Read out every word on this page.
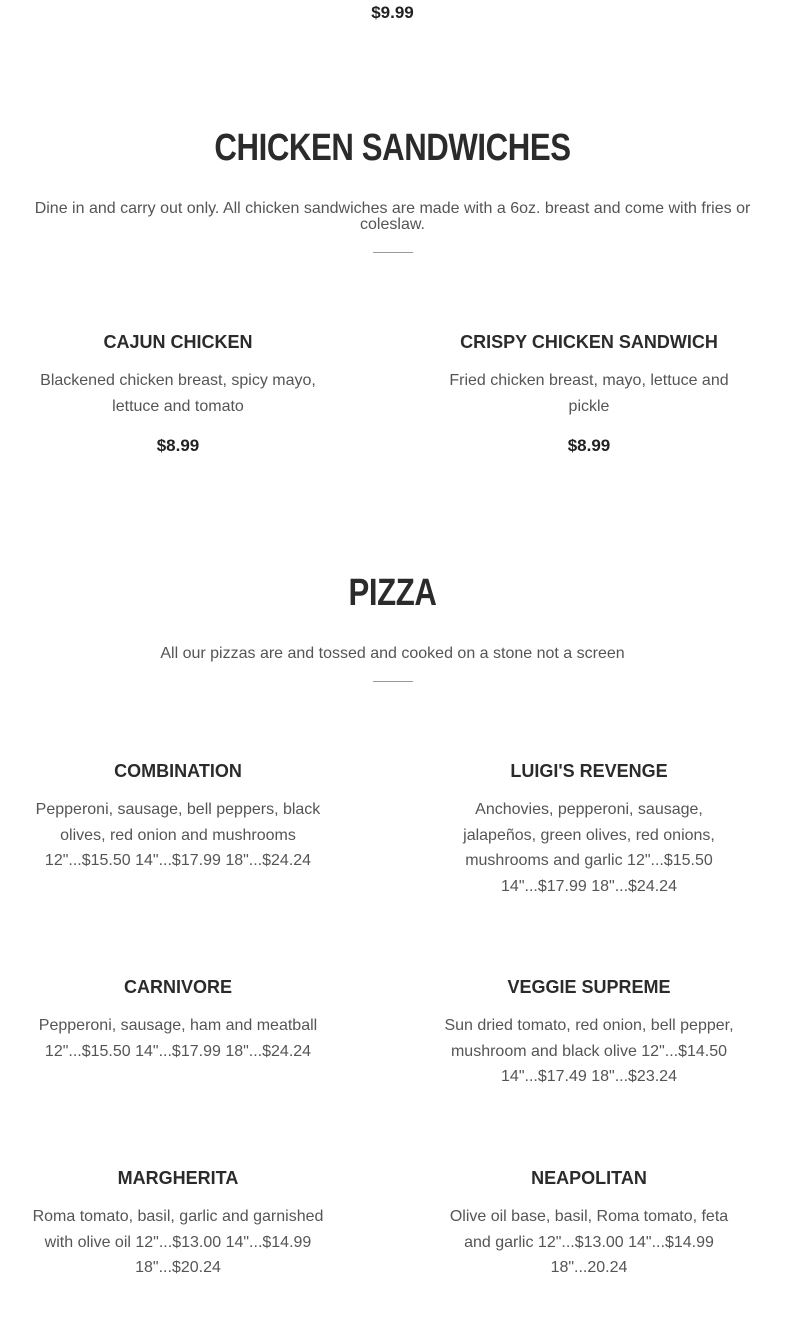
$9.99
CHICKEN SANDWICHES

Dine in and carry out only. All chicken sandwiches are made with a 6oz. breast and come with fries or coleslaw.

CAJUN CHICKEN

Blackened chicken breast, spicy mayo, lettuce and tomato

$8.99

CRISPY CHICKEN SANDWICH

Fried chicken breast, mayo, lettuce and pickle

$8.99

PIZZA

All our pizzas are and tossed and cooked on a stone not a screen

COMBINATION

Pepperoni, sausage, bell peppers, black olives, red onion and mushrooms 12"...$15.50 14"...$17.99 18"...$24.24

LUIGI'S REVENGE

Anchovies, pepperoni, sausage, jalapeños, green olives, red onions, mushrooms and garlic 12"...$15.50 14"...$17.99 18"...$24.24

CARNIVORE

Pepperoni, sausage, ham and meatball 12"...$15.50 14"...$17.99 18"...$24.24

VEGGIE SUPREME

Sun dried tomato, red onion, bell pepper, mushroom and black olive 12"...$14.50 14"...$17.49 18"...$23.24

MARGHERITA

Roma tomato, basil, garlic and garnished with olive oil 12"...$13.00 14"...$14.99 18"...$20.24

NEAPOLITAN

Olive oil base, basil, Roma tomato, feta and garlic 12"...$13.00 14"...$14.99 18"...20.24
